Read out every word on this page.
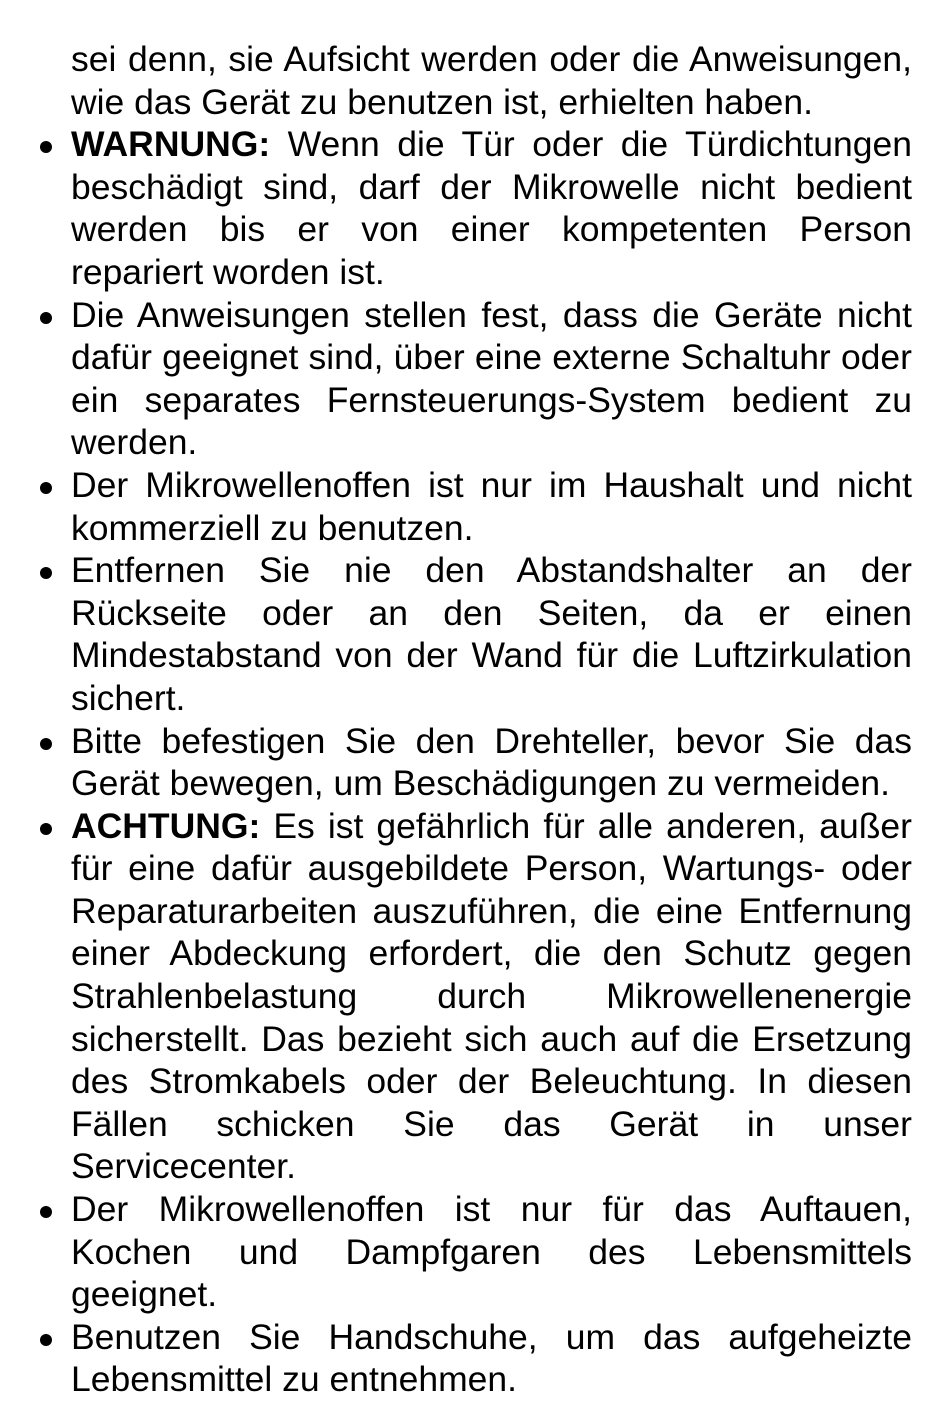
sei denn, sie Aufsicht werden oder die Anweisungen, wie das Gerät zu benutzen ist, erhielten haben.

WARNUNG: Wenn die Tür oder die Türdichtungen beschädigt sind, darf der Mikrowelle nicht bedient werden bis er von einer kompetenten Person repariert worden ist.
Die Anweisungen stellen fest, dass die Geräte nicht dafür geeignet sind, über eine externe Schaltuhr oder ein separates Fernsteuerungs-System bedient zu werden.
Der Mikrowellenoffen ist nur im Haushalt und nicht kommerziell zu benutzen.
Entfernen Sie nie den Abstandshalter an der Rückseite oder an den Seiten, da er einen Mindestabstand von der Wand für die Luftzirkulation sichert.
Bitte befestigen Sie den Drehteller, bevor Sie das Gerät bewegen, um Beschädigungen zu vermeiden.
ACHTUNG: Es ist gefährlich für alle anderen, außer für eine dafür ausgebildete Person, Wartungs- oder Reparaturarbeiten auszuführen, die eine Entfernung einer Abdeckung erfordert, die den Schutz gegen Strahlenbelastung durch Mikrowellenenergie sicherstellt. Das bezieht sich auch auf die Ersetzung des Stromkabels oder der Beleuchtung. In diesen Fällen schicken Sie das Gerät in unser Servicecenter.
Der Mikrowellenoffen ist nur für das Auftauen, Kochen und Dampfgaren des Lebensmittels geeignet.
Benutzen Sie Handschuhe, um das aufgeheizte Lebensmittel zu entnehmen.
